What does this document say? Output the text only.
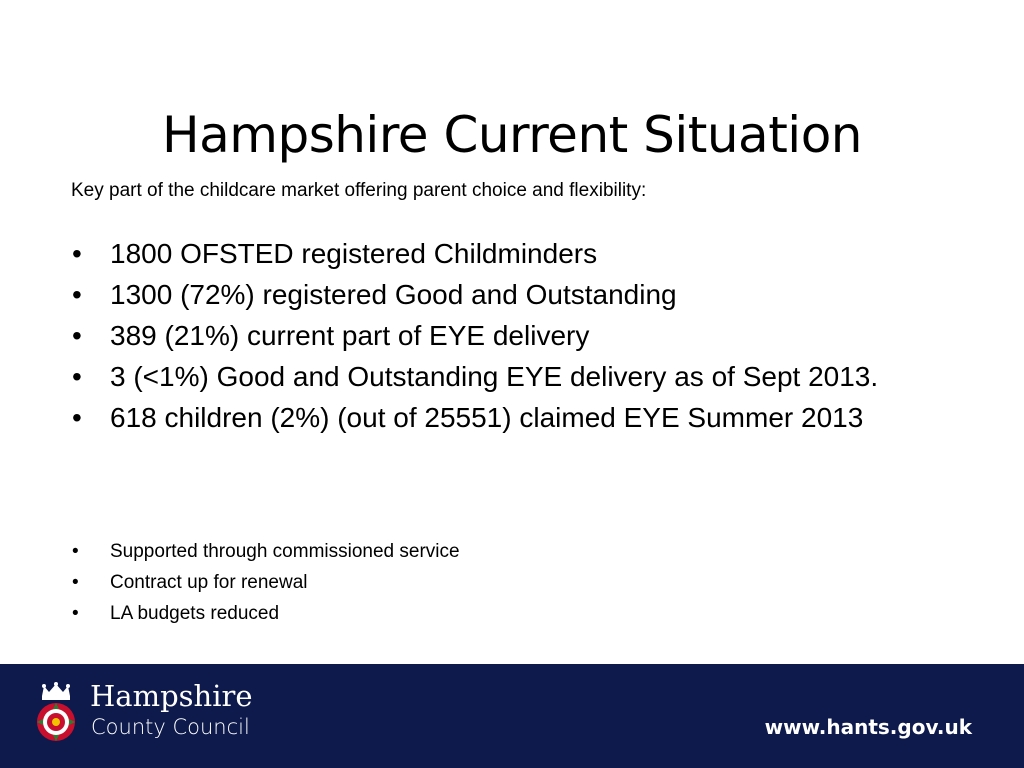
Hampshire Current Situation
Key part of the childcare market offering parent choice and flexibility:
•	1800 OFSTED registered Childminders
•	1300 (72%) registered Good and Outstanding
•	389 (21%) current part of EYE delivery
•	3 (<1%) Good and Outstanding EYE delivery as of Sept 2013.
•	618 children (2%) (out of 25551) claimed EYE Summer 2013
• Supported through commissioned service
• Contract up for renewal
• LA budgets reduced
Hampshire
County Council	www.hants.gov.uk
